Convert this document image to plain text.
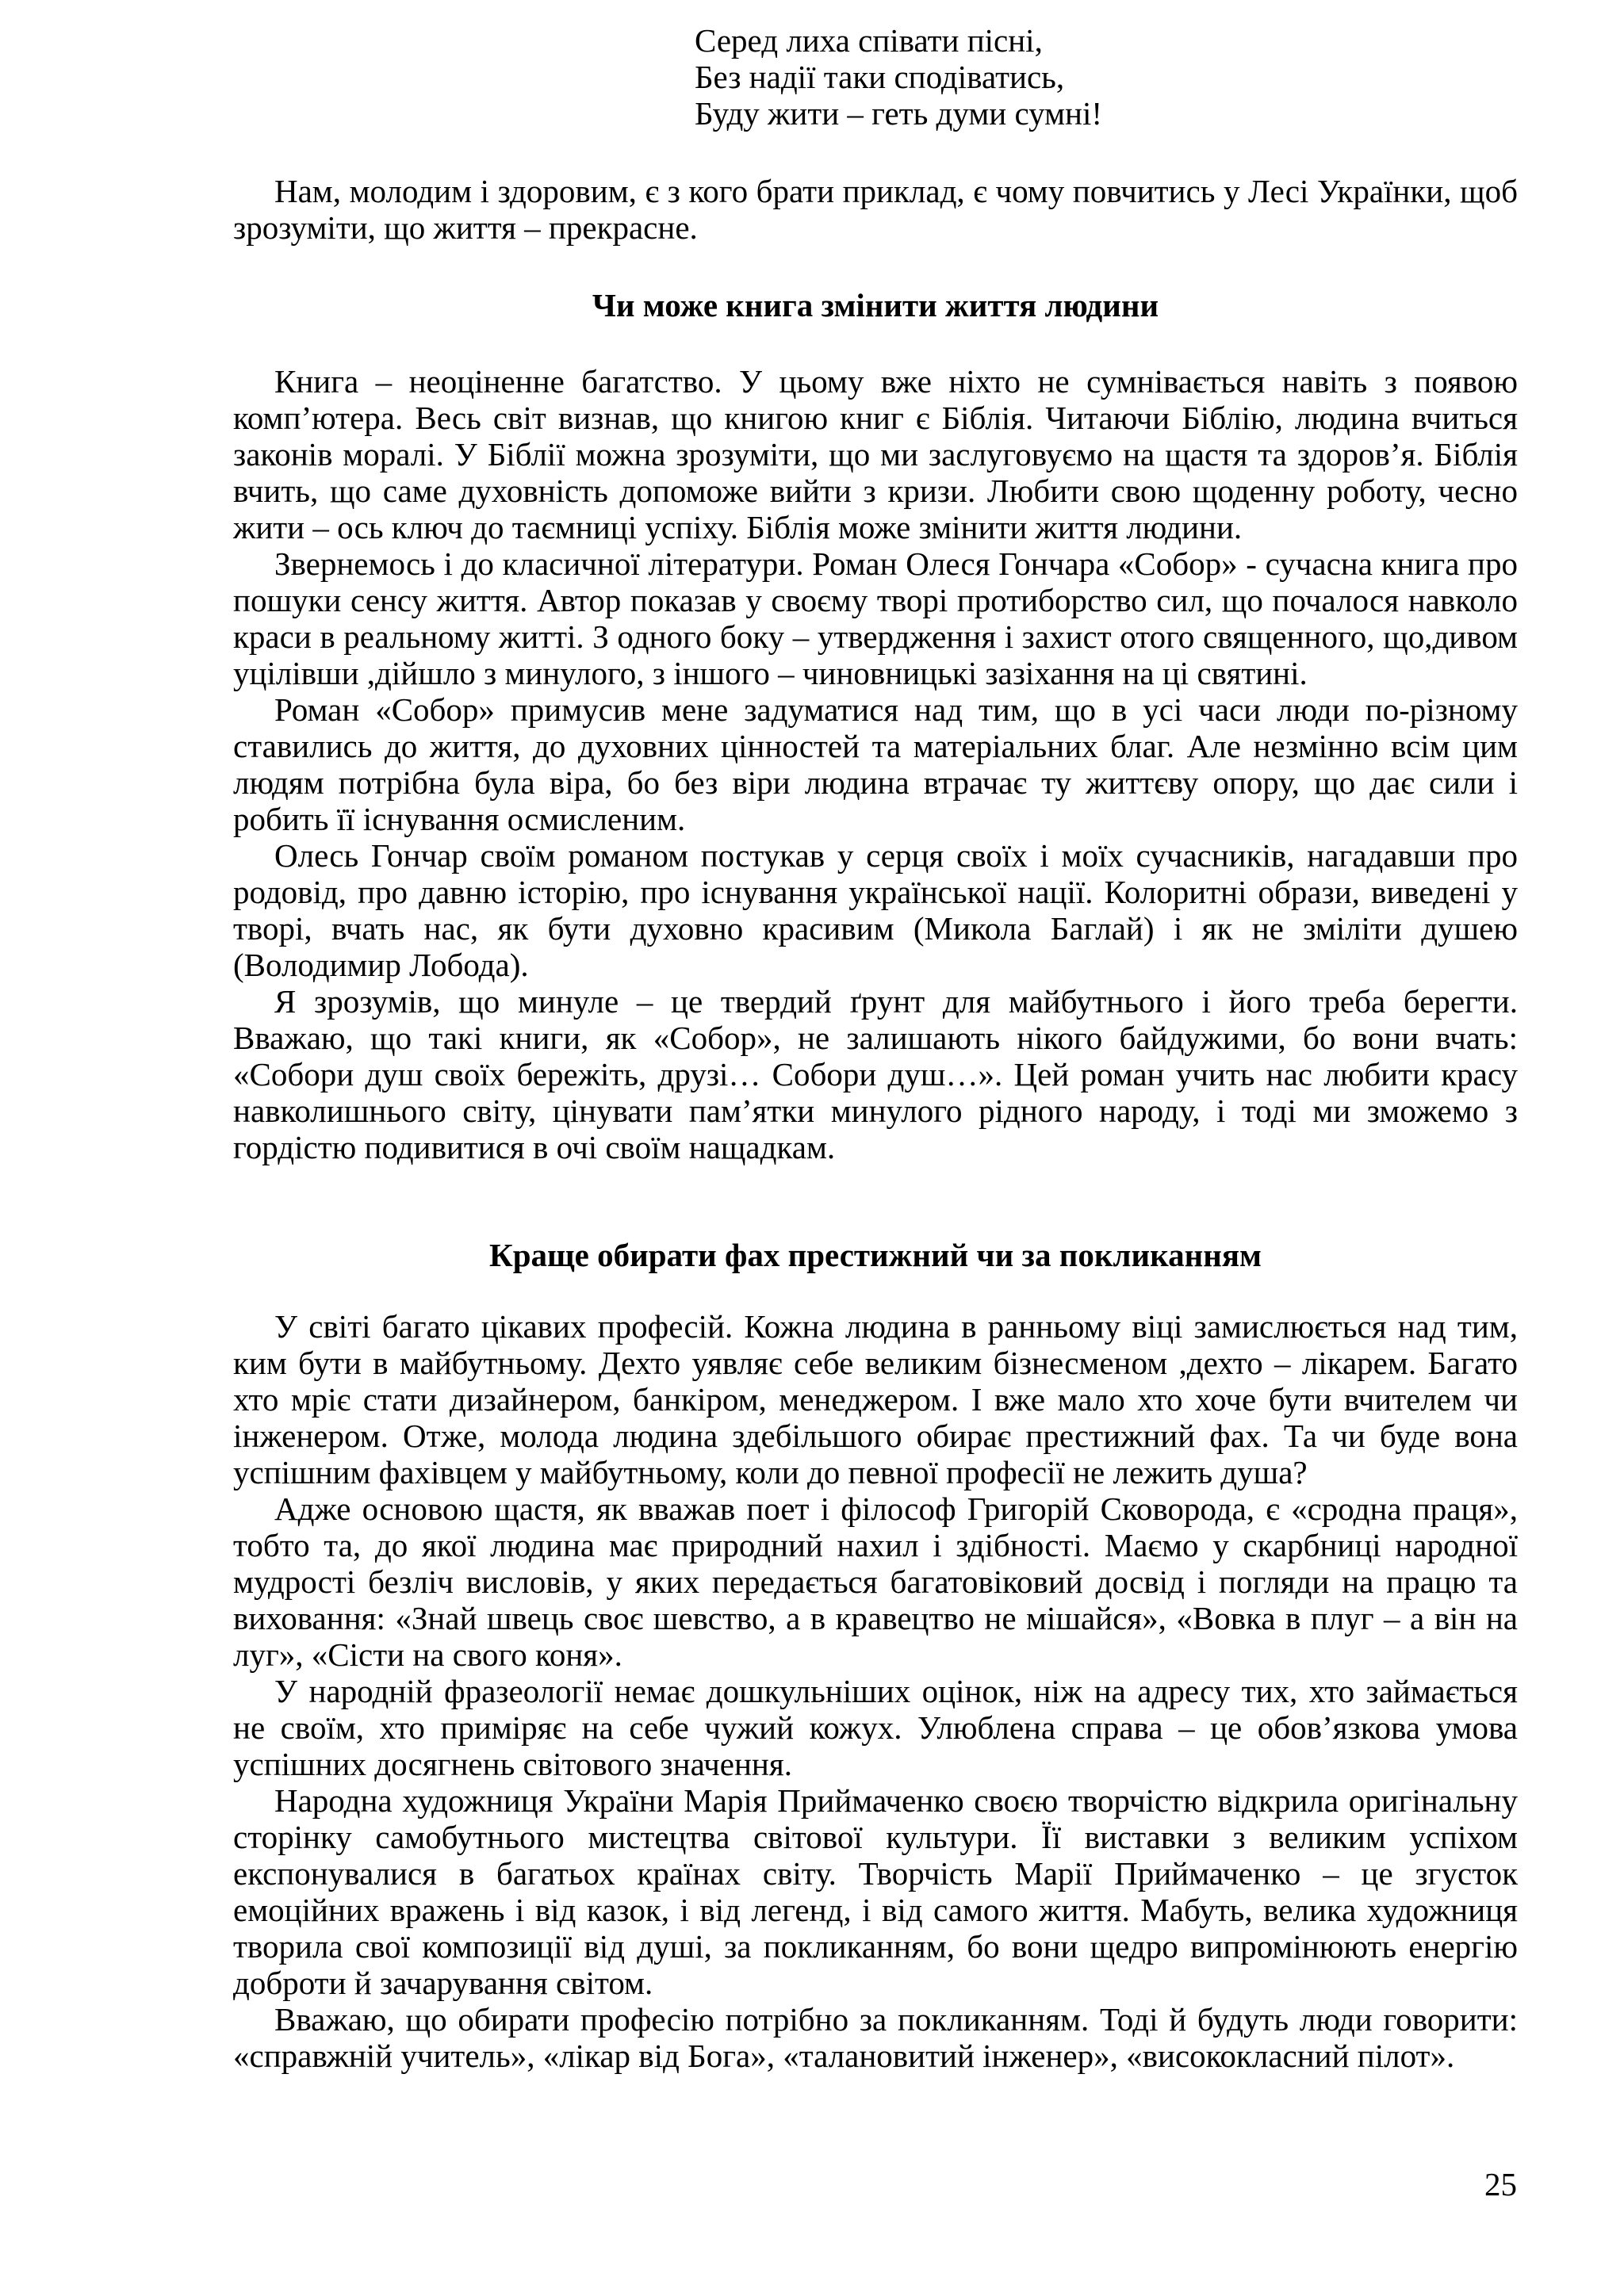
Серед лиха співати пісні,
Без надії таки сподіватись,
Буду жити – геть думи сумні!

Нам, молодим і здоровим, є з кого брати приклад, є чому повчитись у Лесі Українки, щоб зрозуміти, що життя – прекрасне.

Чи може книга змінити життя людини

Книга – неоціненне багатство. У цьому вже ніхто не сумнівається навіть з появою комп’ютера. Весь світ визнав, що книгою книг є Біблія. Читаючи Біблію, людина вчиться законів моралі. У Біблії можна зрозуміти, що ми заслуговуємо на щастя та здоров’я. Біблія вчить, що саме духовність допоможе вийти з кризи. Любити свою щоденну роботу, чесно жити – ось ключ до таємниці успіху. Біблія може змінити життя людини.

Звернемось і до класичної літератури. Роман Олеся Гончара «Собор» - сучасна книга про пошуки сенсу життя. Автор показав у своєму творі протиборство сил, що почалося навколо краси в реальному житті. З одного боку – утвердження і захист отого священного, що,дивом уцілівши ,дійшло з минулого, з іншого – чиновницькі зазіхання на ці святині.

Роман «Собор» примусив мене задуматися над тим, що в усі часи люди по-різному ставились до життя, до духовних цінностей та матеріальних благ. Але незмінно всім цим людям потрібна була віра, бо без віри людина втрачає ту життєву опору, що дає сили і робить її існування осмисленим.

Олесь Гончар своїм романом постукав у серця своїх і моїх сучасників, нагадавши про родовід, про давню історію, про існування української нації. Колоритні образи, виведені у творі, вчать нас, як бути духовно красивим (Микола Баглай) і як не зміліти душею (Володимир Лобода).

Я зрозумів, що минуле – це твердий ґрунт для майбутнього і його треба берегти. Вважаю, що такі книги, як «Собор», не залишають нікого байдужими, бо вони вчать: «Собори душ своїх бережіть, друзі… Собори душ…». Цей роман учить нас любити красу навколишнього світу, цінувати пам’ятки минулого рідного народу, і тоді ми зможемо з гордістю подивитися в очі своїм нащадкам.

Краще обирати фах престижний чи за покликанням

У світі багато цікавих професій. Кожна людина в ранньому віці замислюється над тим, ким бути в майбутньому. Дехто уявляє себе великим бізнесменом ,дехто – лікарем. Багато хто мріє стати дизайнером, банкіром, менеджером. І вже мало хто хоче бути вчителем чи інженером. Отже, молода людина здебільшого обирає престижний фах. Та чи буде вона успішним фахівцем у майбутньому, коли до певної професії не лежить душа?

Адже основою щастя, як вважав поет і філософ Григорій Сковорода, є «сродна праця», тобто та, до якої людина має природний нахил і здібності. Маємо у скарбниці народної мудрості безліч висловів, у яких передається багатовіковий досвід і погляди на працю та виховання: «Знай швець своє шевство, а в кравецтво не мішайся», «Вовка в плуг – а він на луг», «Сісти на свого коня».

У народній фразеології немає дошкульніших оцінок, ніж на адресу тих, хто займається не своїм, хто приміряє на себе чужий кожух. Улюблена справа – це обов’язкова умова успішних досягнень світового значення.

Народна художниця України Марія Приймаченко своєю творчістю відкрила оригінальну сторінку самобутнього мистецтва світової культури. Її виставки з великим успіхом експонувалися в багатьох країнах світу. Творчість Марії Приймаченко – це згусток емоційних вражень і від казок, і від легенд, і від самого життя. Мабуть, велика художниця творила свої композиції від душі, за покликанням, бо вони щедро випромінюють енергію доброти й зачарування світом.

Вважаю, що обирати професію потрібно за покликанням. Тоді й будуть люди говорити: «справжній учитель», «лікар від Бога», «талановитий інженер», «висококласний пілот».

25
